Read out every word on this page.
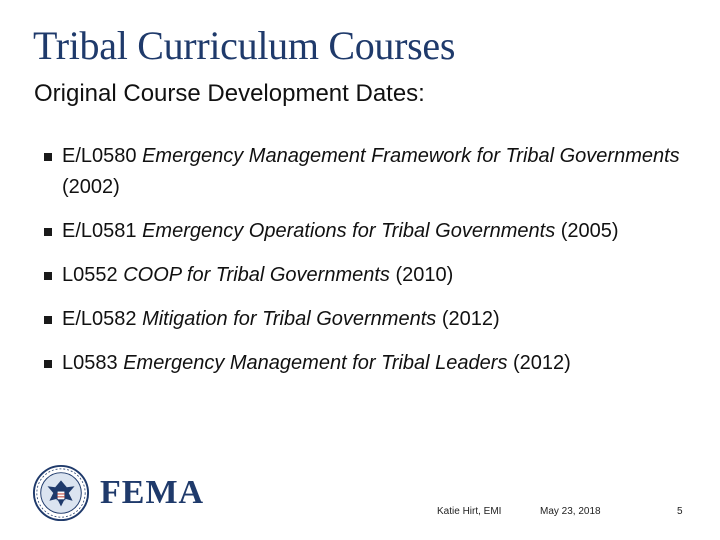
Tribal Curriculum Courses
Original Course Development Dates:
E/L0580 Emergency Management Framework for Tribal Governments (2002)
E/L0581 Emergency Operations for Tribal Governments (2005)
L0552 COOP for Tribal Governments (2010)
E/L0582 Mitigation for Tribal Governments (2012)
L0583 Emergency Management for Tribal Leaders (2012)
FEMA
Katie Hirt, EMI	May 23, 2018	5
